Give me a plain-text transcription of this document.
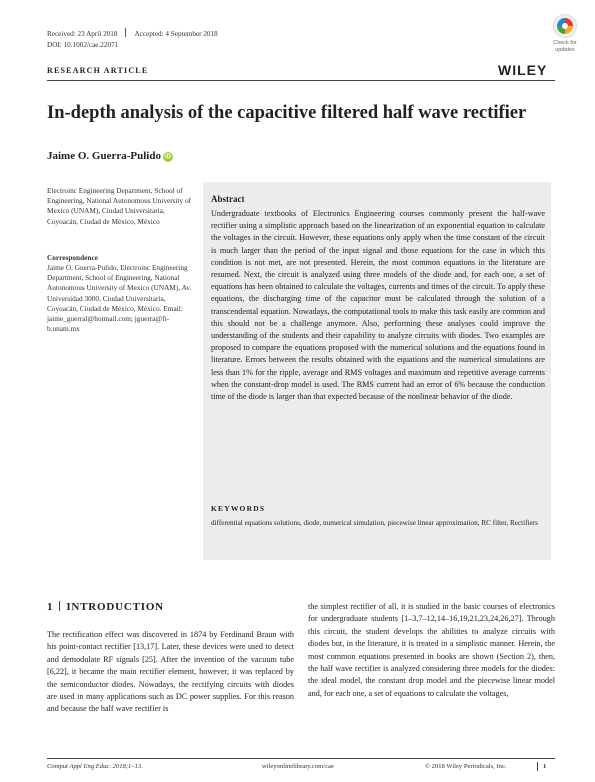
Received: 23 April 2018 Accepted: 4 September 2018
DOI: 10.1002/cae.22071	Check for
updates
RESEARCH ARTICLE	WILEY
In-depth analysis of the capacitive filtered half wave rectifier
Jaime O. Guerra-Pulido iD
Electroinc Engineering Department, School of Engineering, National Autonomous University of Mexico (UNAM), Ciudad Universitaria, Coyoacán, Ciudad de México, México
Correspondence
Jaime O. Guerra-Pulido, Electroinc Engineering Department, School of Engineering, National Autonomous University of Mexico (UNAM), Av. Universidad 3000, Ciudad Universitaria, Coyoacán, Ciudad de México, México. Email: jaime_guerral@hotmail.com; jguerra@fi-b.unam.mx
Abstract
Undergraduate textbooks of Electronics Engineering courses commonly present the half-wave rectifier using a simplistic approach based on the linearization of an exponential equation to calculate the voltages in the circuit. However, these equations only apply when the time constant of the circuit is much larger than the period of the input signal and those equations for the case in which this condition is not met, are not presented. Herein, the most common equations in the literature are resumed. Next, the circuit is analyzed using three models of the diode and, for each one, a set of equations has been obtained to calculate the voltages, currents and times of the circuit. To apply these equations, the discharging time of the capacitor must be calculated through the solution of a transcendental equation. Nowadays, the computational tools to make this task easily are common and this should not be a challenge anymore. Also, performing these analyses could improve the understanding of the students and their capability to analyze circuits with diodes. Two examples are proposed to compare the equations proposed with the numerical solutions and the equations found in literature. Errors between the results obtained with the equations and the numerical simulations are less than 1% for the ripple, average and RMS voltages and maximum and repetitive average currents when the constant-drop model is used. The RMS current had an error of 6% because the conduction time of the diode is larger than that expected because of the nonlinear behavior of the diode.
KEYWORDS
differential equations solutions, diode, numerical simulation, piecewise linear approximation, RC filter, Rectifiers
1 INTRODUCTION
The rectification effect was discovered in 1874 by Ferdinand Braun with his point-contact rectifier [13,17]. Later, these devices were used to detect and demodulate RF signals [25]. After the invention of the vacuum tube [6,22], it became the main rectifier element, however, it was replaced by the semiconductor diodes. Nowadays, the rectifying circuits with diodes are used in many applications such as DC power supplies. For this reason and because the half wave rectifier is
the simplest rectifier of all, it is studied in the basic courses of electronics for undergraduate students [1–3,7–12,14–16,19,21,23,24,26,27]. Through this circuit, the student develops the abilities to analyze circuits with diodes but, in the literature, it is treated in a simplistic manner. Herein, the most common equations presented in books are shown (Section 2), then, the half wave rectifier is analyzed considering three models for the diodes: the ideal model, the constant drop model and the piecewise linear model and, for each one, a set of equations to calculate the voltages,
Comput Appl Eng Educ. 2018;1–13.	wileyonlinelibrary.com/cae	© 2018 Wiley Periodicals, Inc.	1
